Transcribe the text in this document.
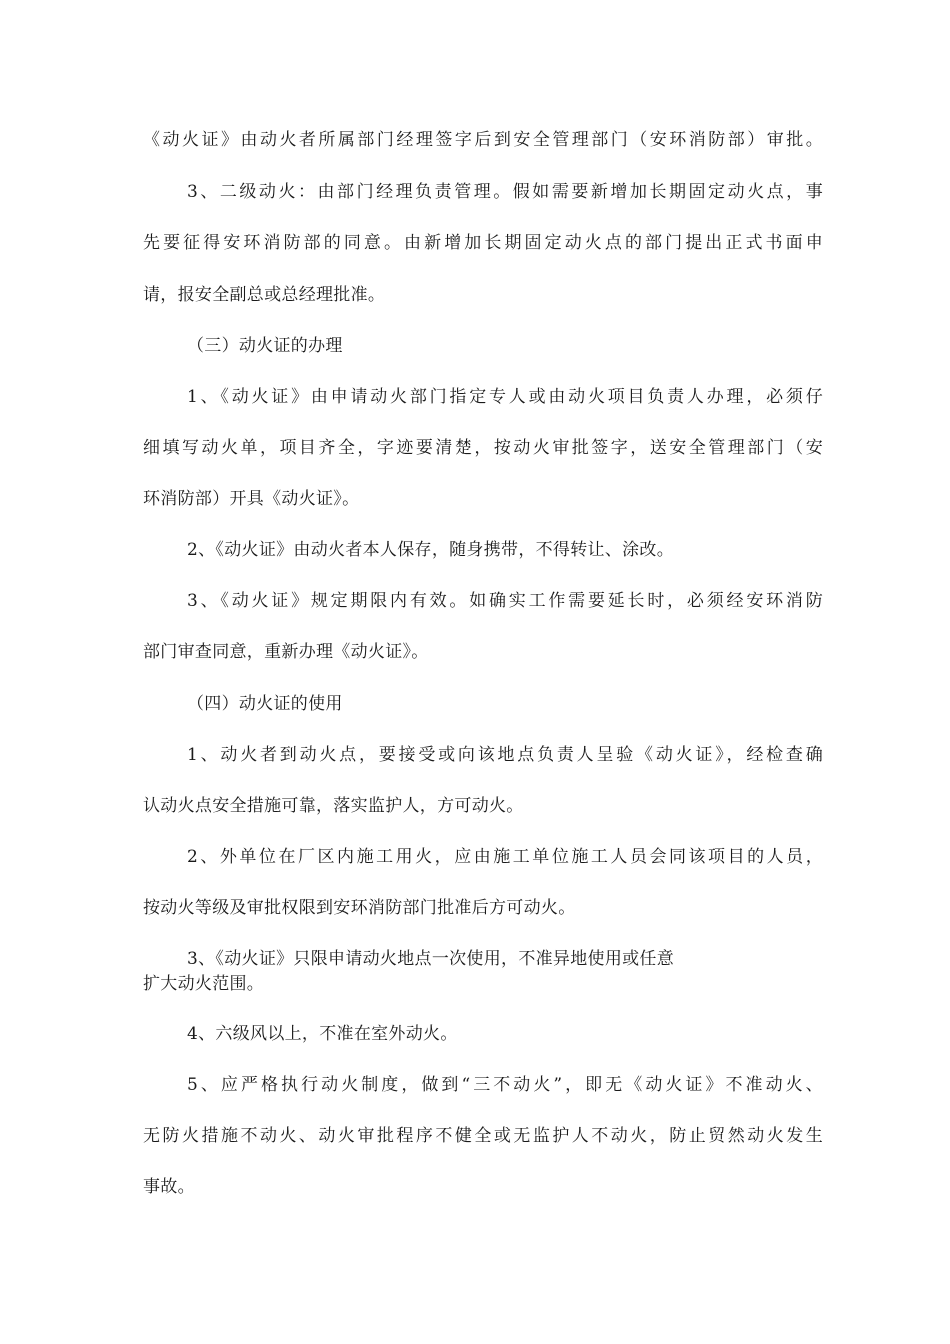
《动火证》由动火者所属部门经理签字后到安全管理部门（安环消防部）审批。
3、二级动火：由部门经理负责管理。假如需要新增加长期固定动火点，事
先要征得安环消防部的同意。由新增加长期固定动火点的部门提出正式书面申
请，报安全副总或总经理批准。
（三）动火证的办理
1、《动火证》由申请动火部门指定专人或由动火项目负责人办理，必须仔
细填写动火单，项目齐全，字迹要清楚，按动火审批签字，送安全管理部门（安
环消防部）开具《动火证》。
2、《动火证》由动火者本人保存，随身携带，不得转让、涂改。
3、《动火证》规定期限内有效。如确实工作需要延长时，必须经安环消防
部门审查同意，重新办理《动火证》。
（四）动火证的使用
1、动火者到动火点，要接受或向该地点负责人呈验《动火证》，经检查确
认动火点安全措施可靠，落实监护人，方可动火。
2、外单位在厂区内施工用火，应由施工单位施工人员会同该项目的人员，
按动火等级及审批权限到安环消防部门批准后方可动火。
3、《动火证》只限申请动火地点一次使用，不准异地使用或任意
扩大动火范围。
4、六级风以上，不准在室外动火。
5、应严格执行动火制度，做到“三不动火”，即无《动火证》不准动火、
无防火措施不动火、动火审批程序不健全或无监护人不动火，防止贸然动火发生
事故。
